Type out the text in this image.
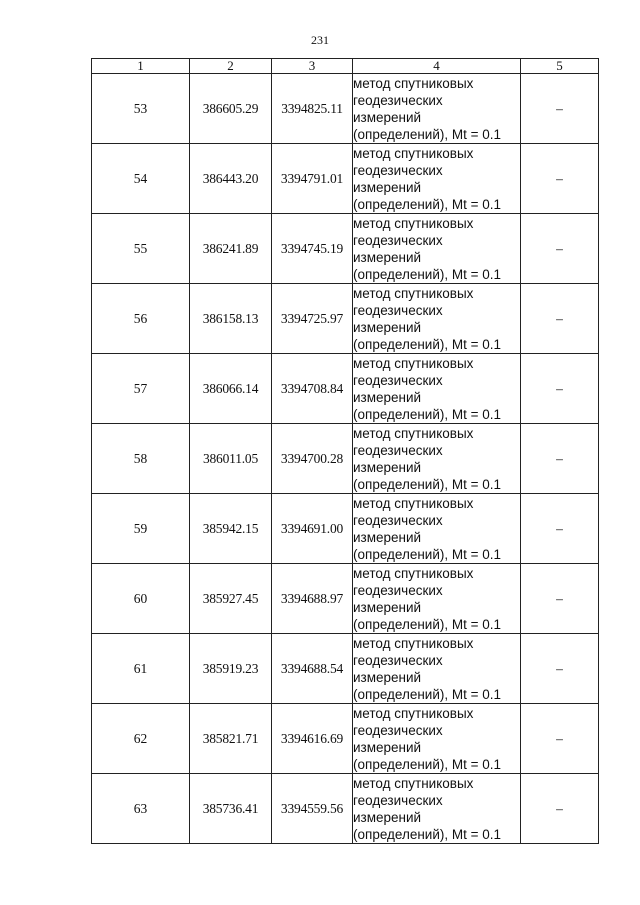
231
1	2	3	4	5
53	386605.29	3394825.11	метод спутниковых
геодезических
измерений
(определений), Mt = 0.1	–
54	386443.20	3394791.01	метод спутниковых
геодезических
измерений
(определений), Mt = 0.1	–
55	386241.89	3394745.19	метод спутниковых
геодезических
измерений
(определений), Mt = 0.1	–
56	386158.13	3394725.97	метод спутниковых
геодезических
измерений
(определений), Mt = 0.1	–
57	386066.14	3394708.84	метод спутниковых
геодезических
измерений
(определений), Mt = 0.1	–
58	386011.05	3394700.28	метод спутниковых
геодезических
измерений
(определений), Mt = 0.1	–
59	385942.15	3394691.00	метод спутниковых
геодезических
измерений
(определений), Mt = 0.1	–
60	385927.45	3394688.97	метод спутниковых
геодезических
измерений
(определений), Mt = 0.1	–
61	385919.23	3394688.54	метод спутниковых
геодезических
измерений
(определений), Mt = 0.1	–
62	385821.71	3394616.69	метод спутниковых
геодезических
измерений
(определений), Mt = 0.1	–
63	385736.41	3394559.56	метод спутниковых
геодезических
измерений
(определений), Mt = 0.1	–
